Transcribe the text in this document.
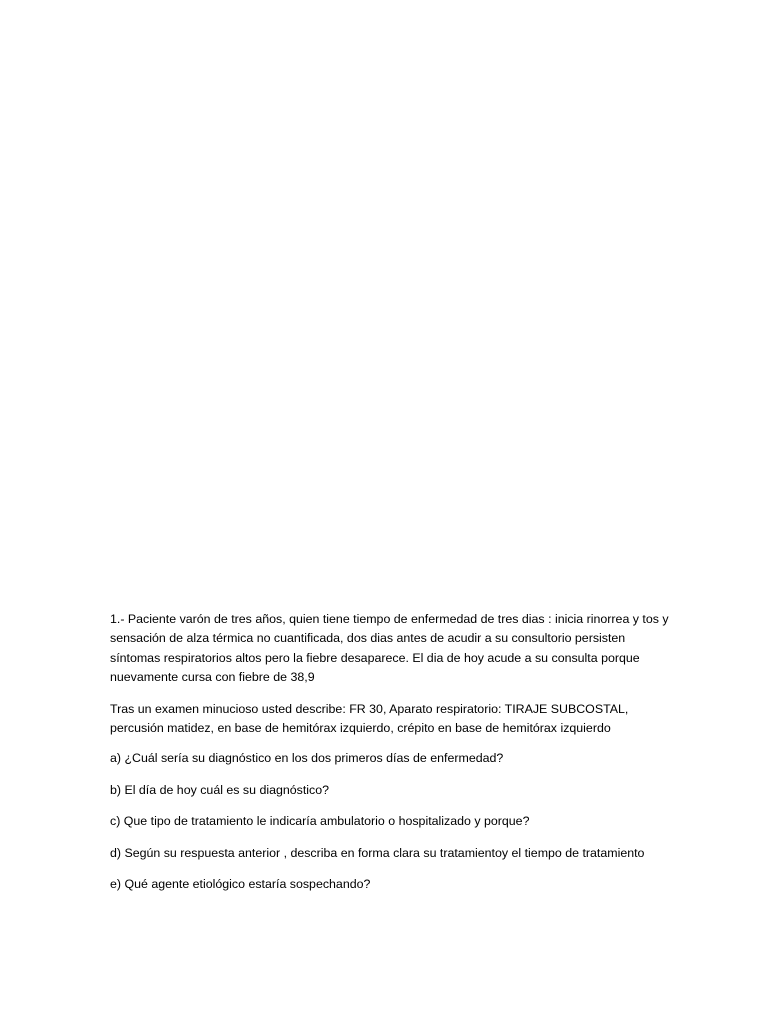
1.- Paciente varón de tres años, quien tiene tiempo de enfermedad de tres dias : inicia rinorrea y tos y sensación de alza térmica no cuantificada, dos dias antes de acudir a su consultorio persisten síntomas respiratorios altos pero la fiebre desaparece. El dia de hoy acude a su consulta porque nuevamente cursa con fiebre de 38,9

Tras un examen minucioso usted describe: FR 30, Aparato respiratorio: TIRAJE SUBCOSTAL, percusión matidez, en base de hemitórax izquierdo, crépito en base de hemitórax izquierdo

a) ¿Cuál sería su diagnóstico en los dos primeros días de enfermedad?

b) El día de hoy cuál es su diagnóstico?

c) Que tipo de tratamiento le indicaría ambulatorio o hospitalizado y porque?

d) Según su respuesta anterior , describa en forma clara su tratamientoy el tiempo de tratamiento

e) Qué agente etiológico estaría sospechando?
